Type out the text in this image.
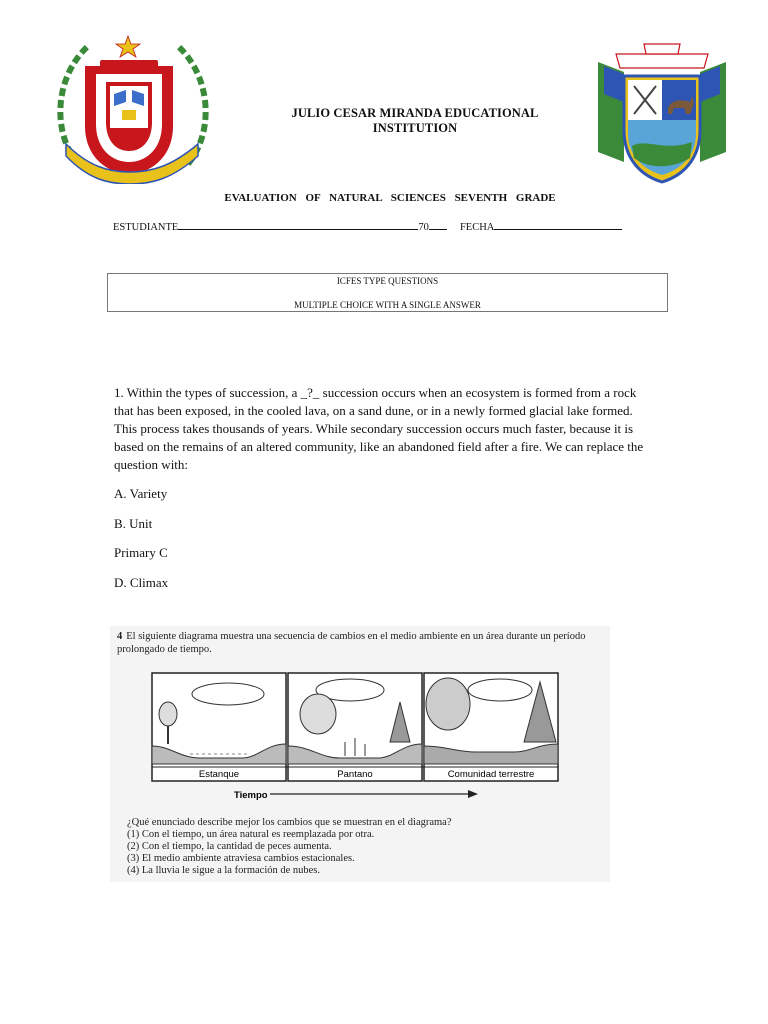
JULIO CESAR MIRANDA EDUCATIONAL INSTITUTION
EVALUATION OF NATURAL SCIENCES SEVENTH GRADE
ESTUDIANTE	70	FECHA
ICFES TYPE QUESTIONS
MULTIPLE CHOICE WITH A SINGLE ANSWER
1. Within the types of succession, a _?_ succession occurs when an ecosystem is formed from a rock that has been exposed, in the cooled lava, on a sand dune, or in a newly formed glacial lake formed. This process takes thousands of years. While secondary succession occurs much faster, because it is based on the remains of an altered community, like an abandoned field after a fire. We can replace the question with:
A. Variety
B. Unit
Primary C
D. Climax
4 El siguiente diagrama muestra una secuencia de cambios en el medio ambiente en un área durante un período prolongado de tiempo.
Estanque	Pantano	Comunidad terrestre
Tiempo
¿Qué enunciado describe mejor los cambios que se muestran en el diagrama?
(1) Con el tiempo, un área natural es reemplazada por otra.
(2) Con el tiempo, la cantidad de peces aumenta.
(3) El medio ambiente atraviesa cambios estacionales.
(4) La lluvia le sigue a la formación de nubes.
